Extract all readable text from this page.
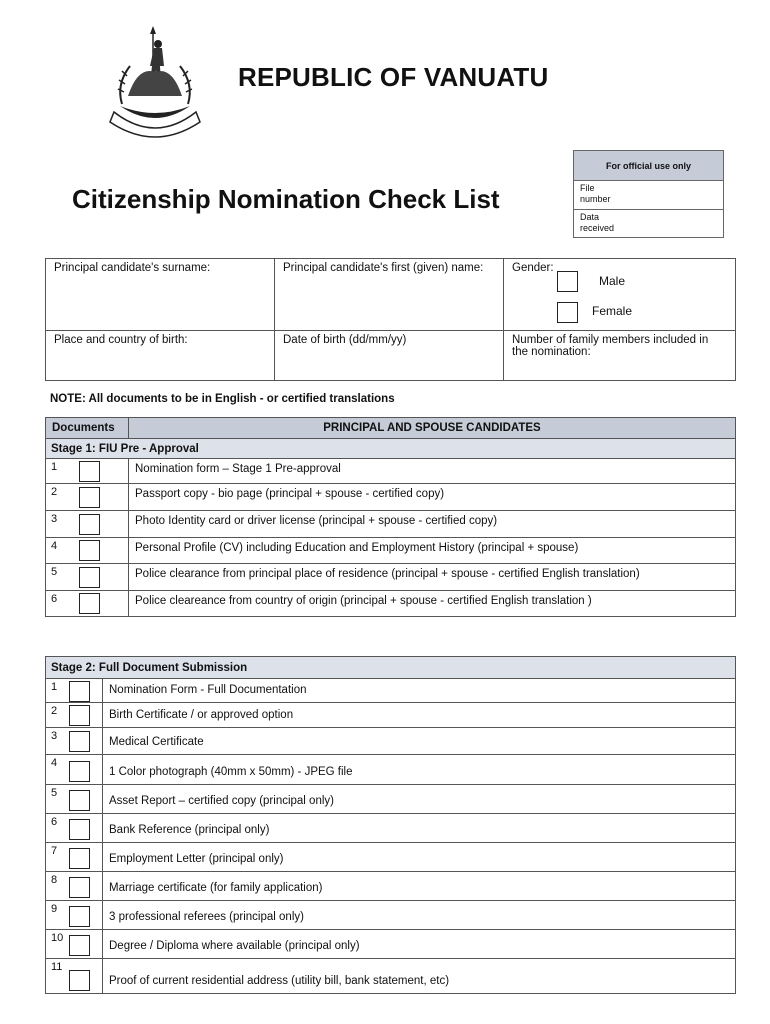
REPUBLIC OF VANUATU
Citizenship Nomination Check List
For official use only
File
number
Data
received
Principal candidate's surname:	Principal candidate's first (given) name:	Gender:
Male
Female

Place and country of birth:	Date of birth (dd/mm/yy)	Number of family members included in the nomination:
NOTE: All documents to be in English - or certified translations
Documents	PRINCIPAL AND SPOUSE CANDIDATES
Stage 1: FIU Pre - Approval	

1	Nomination form – Stage 1 Pre-approval

2	Passport copy - bio page (principal + spouse - certified copy)

3	Photo Identity card or driver license (principal + spouse - certified copy)

4	Personal Profile (CV) including Education and Employment History (principal + spouse)

5	Police clearance from principal place of residence (principal + spouse - certified English translation)

6	Police cleareance from country of origin (principal + spouse - certified English translation )
Stage 2: Full Document Submission	

1	Nomination Form - Full Documentation

2	Birth Certificate / or approved option

3	Medical Certificate

4	1 Color photograph (40mm x 50mm) - JPEG file

5	Asset Report – certified copy (principal only)

6	Bank Reference (principal only)

7	Employment Letter (principal only)

8	Marriage certificate (for family application)

9	3 professional referees (principal only)

10	Degree / Diploma where available (principal only)

11	Proof of current residential address (utility bill, bank statement, etc)
